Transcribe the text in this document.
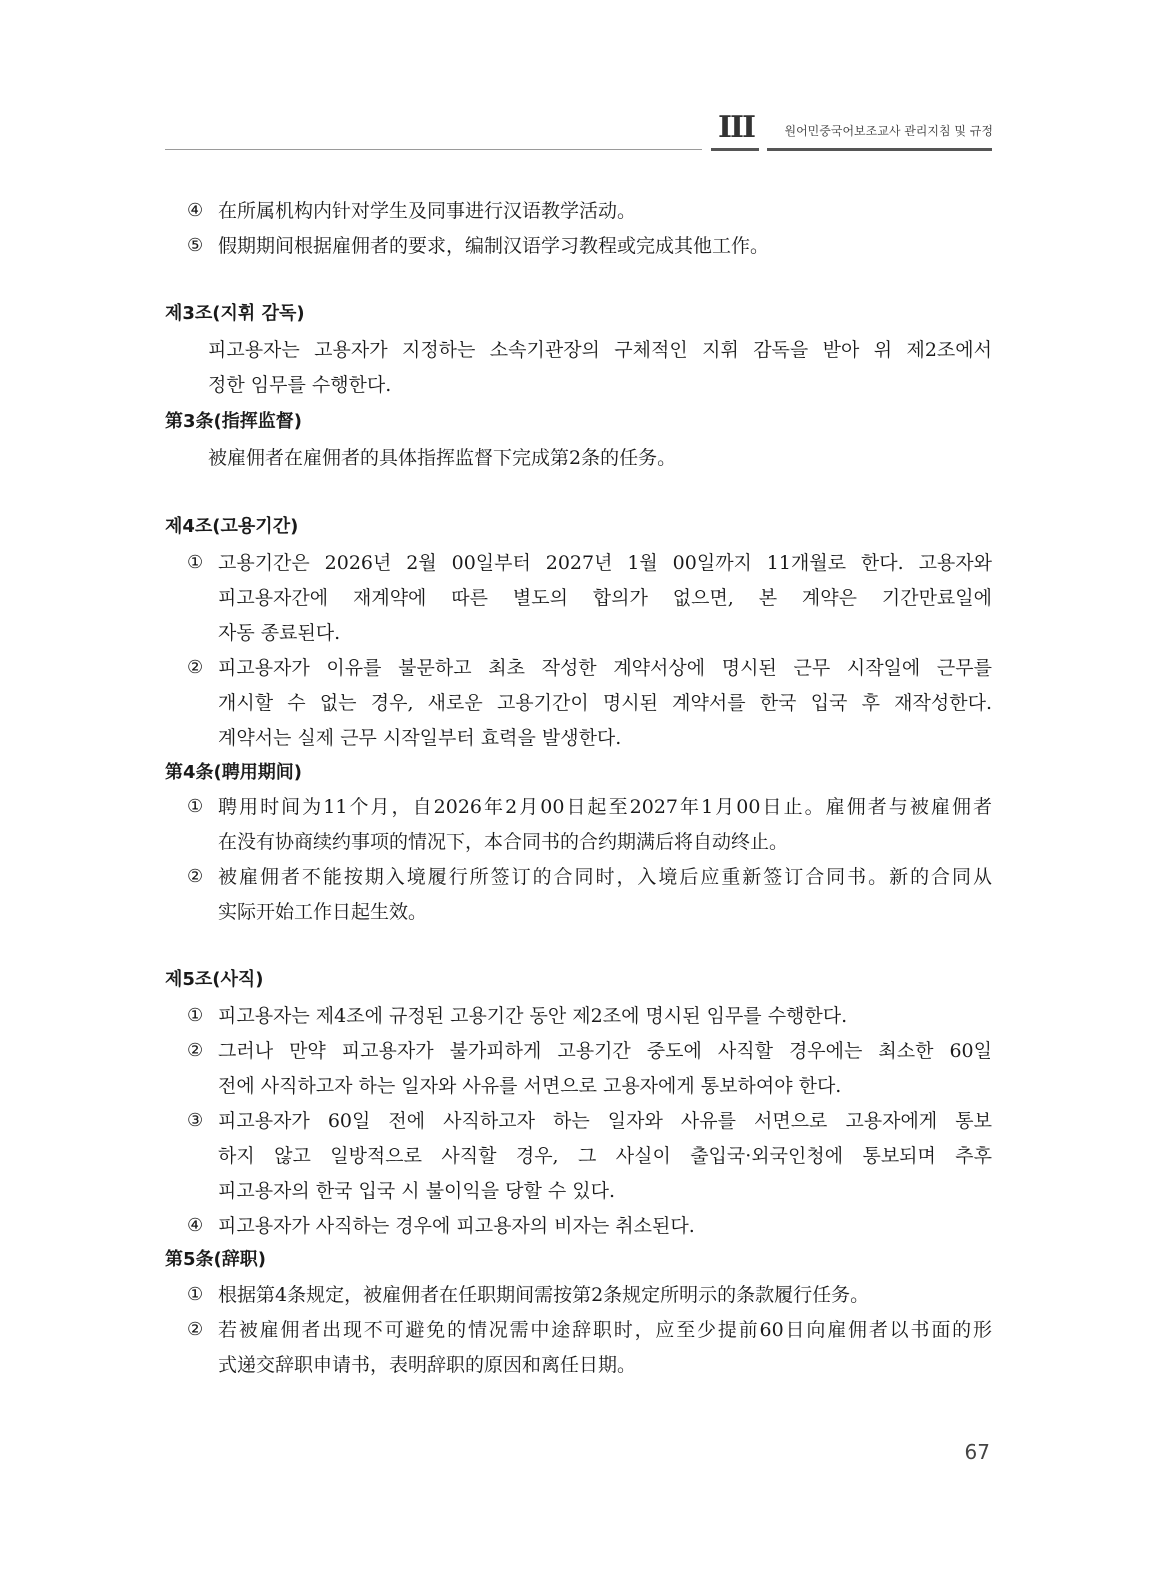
III	원어민중국어보조교사 관리지침 및 규정
④ 在所属机构内针对学生及同事进行汉语教学活动。
⑤ 假期期间根据雇佣者的要求，编制汉语学习教程或完成其他工作。
제3조(지휘 감독)
피고용자는 고용자가 지정하는 소속기관장의 구체적인 지휘 감독을 받아 위 제2조에서
정한 임무를 수행한다.
第3条(指挥监督)
被雇佣者在雇佣者的具体指挥监督下完成第2条的任务。
제4조(고용기간)
① 고용기간은 2026년 2월 00일부터 2027년 1월 00일까지 11개월로 한다. 고용자와
피고용자간에 재계약에 따른 별도의 합의가 없으면, 본 계약은 기간만료일에
자동 종료된다.
② 피고용자가 이유를 불문하고 최초 작성한 계약서상에 명시된 근무 시작일에 근무를
개시할 수 없는 경우, 새로운 고용기간이 명시된 계약서를 한국 입국 후 재작성한다.
계약서는 실제 근무 시작일부터 효력을 발생한다.
第4条(聘用期间)
① 聘用时间为11个月，自2026年2月00日起至2027年1月00日止。雇佣者与被雇佣者
在没有协商续约事项的情况下，本合同书的合约期满后将自动终止。
② 被雇佣者不能按期入境履行所签订的合同时，入境后应重新签订合同书。新的合同从
实际开始工作日起生效。
제5조(사직)
① 피고용자는 제4조에 규정된 고용기간 동안 제2조에 명시된 임무를 수행한다.
② 그러나 만약 피고용자가 불가피하게 고용기간 중도에 사직할 경우에는 최소한 60일
전에 사직하고자 하는 일자와 사유를 서면으로 고용자에게 통보하여야 한다.
③ 피고용자가 60일 전에 사직하고자 하는 일자와 사유를 서면으로 고용자에게 통보
하지 않고 일방적으로 사직할 경우, 그 사실이 출입국·외국인청에 통보되며 추후
피고용자의 한국 입국 시 불이익을 당할 수 있다.
④ 피고용자가 사직하는 경우에 피고용자의 비자는 취소된다.
第5条(辞职)
① 根据第4条规定，被雇佣者在任职期间需按第2条规定所明示的条款履行任务。
② 若被雇佣者出现不可避免的情况需中途辞职时，应至少提前60日向雇佣者以书面的形
式递交辞职申请书，表明辞职的原因和离任日期。
67
